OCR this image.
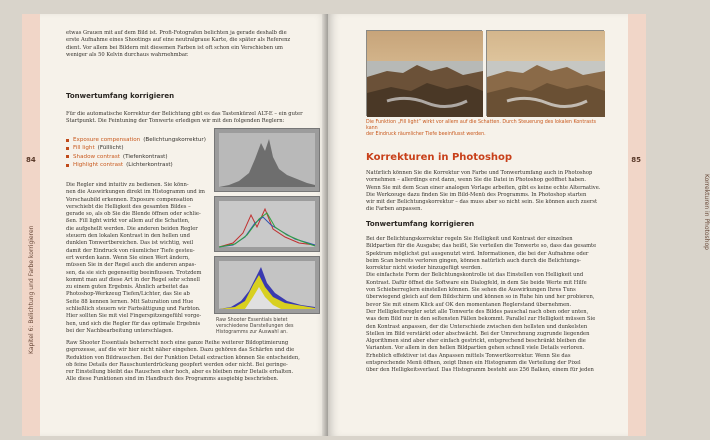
Kapitel 6: Belichtung und Farbe korrigieren
84
etwas Grauen mit auf dem Bild ist. Profi-Fotografen belichten ja gerade deshalb die
erste Aufnahme eines Shootings auf eine neutralgraue Karte, die später als Referenz
dient. Vor allem bei Bildern mit diesemen Farben ist oft schon ein Verschieben um
weniger als 50 Kelvin durchaus wahrnehmbar.
Tonwertumfang korrigieren
Für die automatische Korrektur der Belichtung gibt es das Tastenkürzel ALT-E – ein guter
Startpunkt. Die Feintuning der Tonwerte erledigen wir mit den folgenden Reglern:
Exposure compensation (Belichtungskorrektur)
Fill light (Fülllicht)
Shadow contrast (Tiefenkontrast)
Highlight contrast (Lichterkontrast)
Raw Shooter Essentials bietet
verschiedene Darstellungen des
Histogramms zur Auswahl an.
Die Regler sind intuitiv zu bedienen. Sie könn-
nen die Auswirkungen direkt im Histogramm und im
Vorschaubild erkennen. Exposure compensation
verschiebt die Helligkeit des gesamten Bildes –
gerade so, als ob Sie die Blende öffnen oder schlie-
ßen. Fill light wirkt vor allem auf die Schatten,
die aufgehellt werden. Die anderen beiden Regler
steuern den lokalen Kontrast in den hellen und
dunklen Tonwertbereichen. Das ist wichtig, weil
damit der Eindruck von räumlicher Tiefe gesteu-
ert werden kann. Wenn Sie einen Wert ändern,
müssen Sie in der Regel auch die anderen anpas-
sen, da sie sich gegenseitig beeinflussen. Trotzdem
kommt man auf diese Art in der Regel sehr schnell
zu einem guten Ergebnis. Ähnlich arbeitet das
Photoshop-Werkzeug Tiefen/Lichter, das Sie ab
Seite 88 kennen lernen. Mit Saturation und Hue
schließlich steuern wir Farbsättigung und Farbton.
Hier sollten Sie mit viel Fingerspitzengefühl vorge-
hen, und sich die Regler für das optimale Ergebnis
bei der Nachbearbeitung unterschlagen.
Raw Shooter Essentials beherrscht noch eine ganze Reihe weiterer Bildoptimierung
gsprozesse, auf die wir hier nicht näher eingehen. Dazu gehören das Schärfen und die
Reduktion von Bildrauschen. Bei der Funktion Detail extraction können Sie entscheiden,
ob feine Details der Rauschunterdrückung geopfert werden oder nicht. Bei geringe-
rer Einstellung bleibt das Rauschen eher hoch, aber es bleiben mehr Details erhalten.
Alle diese Funktionen sind im Handbuch des Programms ausgiebig beschrieben.
Korrekturen in Photoshop
85
Die Funktion „Fill light“ wirkt vor allem auf die Schatten. Durch Steuerung des lokalen Kontrasts kann
der Eindruck räumlicher Tiefe beeinflusst werden.
Korrekturen in Photoshop
Natürlich können Sie die Korrektur von Farbe und Tonwertumfang auch in Photoshop
vornehmen – allerdings erst dann, wenn Sie die Datei in Photoshop geöffnet haben.
Wenn Sie mit dem Scan einer analogen Vorlage arbeiten, gibt es keine echte Alternative.
Die Werkzeuge dazu finden Sie im Bild-Menü des Programms. In Photoshop starten
wir mit der Belichtungskorrektur – das muss aber so nicht sein. Sie können auch zuerst
die Farben anpassen.
Tonwertumfang korrigieren
Bei der Belichtungskorrektur regeln Sie Helligkeit und Kontrast der einzelnen
Bildpartien für die Ausgabe; das heißt, Sie verteilen die Tonwerte so, dass das gesamte
Spektrum möglichst gut ausgenutzt wird. Informationen, die bei der Aufnahme oder
beim Scan bereits verloren gingen, können natürlich auch durch die Belichtungs-
korrektur nicht wieder hinzugefügt werden.
Die einfachste Form der Belichtungskontrolle ist das Einstellen von Helligkeit und
Kontrast. Dafür öffnet die Software ein Dialogfeld, in dem Sie beide Werte mit Hilfe
von Schieberreglern einstellen können. Sie sehen die Auswirkungen Ihres Tuns
überwiegend gleich auf dem Bildschirm und können so in Ruhe hin und her probieren,
bevor Sie mit einem Klick auf OK den momentanen Reglerstand übernehmen.
Der Helligkeitsregler setzt alle Tonwerte des Bildes pauschal nach oben oder unten,
was dem Bild nur in den seltensten Fällen bekommt. Parallel zur Helligkeit müssen Sie
den Kontrast anpassen, der die Unterschiede zwischen den hellsten und dunkelsten
Stellen im Bild verstärkt oder abschwächt. Bei der Umrechnung zugrunde liegenden
Algorithmen sind aber eher einfach gestrickt, entsprechend beschränkt bleiben die
Varianten. Vor allem in den hellen Bildpartien gehen schnell viele Details verloren.
Erheblich effektiver ist das Anpassen mittels Tonwertkorrektur. Wenn Sie das
entsprechende Menü öffnen, zeigt Ihnen ein Histogramm die Verteilung der Pixel
über den Helligkeitsverlauf. Das Histogramm besteht aus 256 Balken, einem für jeden
